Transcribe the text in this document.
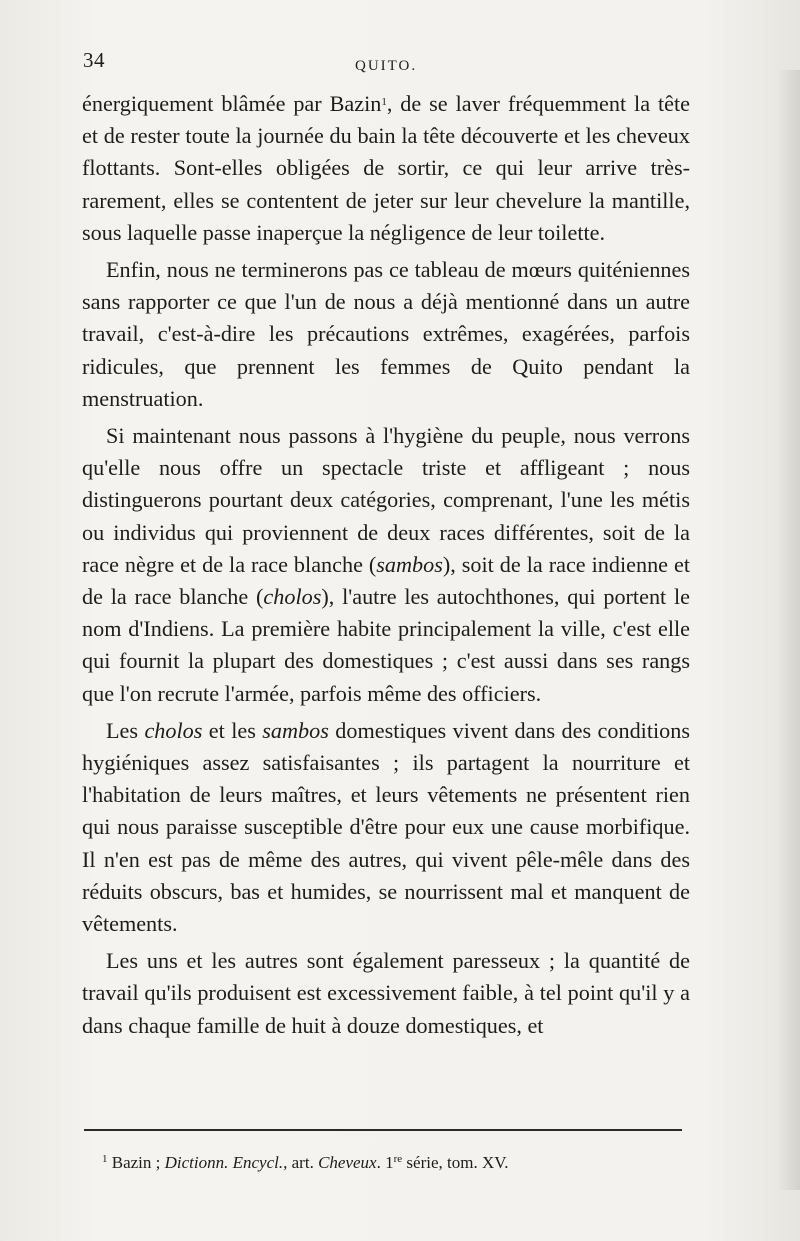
34	QUITO.

énergiquement blâmée par Bazin$^1$, de se laver fréquemment la tête et de rester toute la journée du bain la tête découverte et les cheveux flottants. Sont-elles obligées de sortir, ce qui leur arrive très-rarement, elles se contentent de jeter sur leur chevelure la mantille, sous laquelle passe inaperçue la négligence de leur toilette.

Enfin, nous ne terminerons pas ce tableau de mœurs quiténiennes sans rapporter ce que l'un de nous a déjà mentionné dans un autre travail, c'est-à-dire les précautions extrêmes, exagérées, parfois ridicules, que prennent les femmes de Quito pendant la menstruation.

Si maintenant nous passons à l'hygiène du peuple, nous verrons qu'elle nous offre un spectacle triste et affligeant ; nous distinguerons pourtant deux catégories, comprenant, l'une les métis ou individus qui proviennent de deux races différentes, soit de la race nègre et de la race blanche (sambos), soit de la race indienne et de la race blanche (cholos), l'autre les autochthones, qui portent le nom d'Indiens. La première habite principalement la ville, c'est elle qui fournit la plupart des domestiques ; c'est aussi dans ses rangs que l'on recrute l'armée, parfois même des officiers.

Les cholos et les sambos domestiques vivent dans des conditions hygiéniques assez satisfaisantes ; ils partagent la nourriture et l'habitation de leurs maîtres, et leurs vêtements ne présentent rien qui nous paraisse susceptible d'être pour eux une cause morbifique. Il n'en est pas de même des autres, qui vivent pêle-mêle dans des réduits obscurs, bas et humides, se nourrissent mal et manquent de vêtements.

Les uns et les autres sont également paresseux ; la quantité de travail qu'ils produisent est excessivement faible, à tel point qu'il y a dans chaque famille de huit à douze domestiques, et

$^1$ Bazin ; Dictionn. Encycl., art. Cheveux. 1re série, tom. XV.
